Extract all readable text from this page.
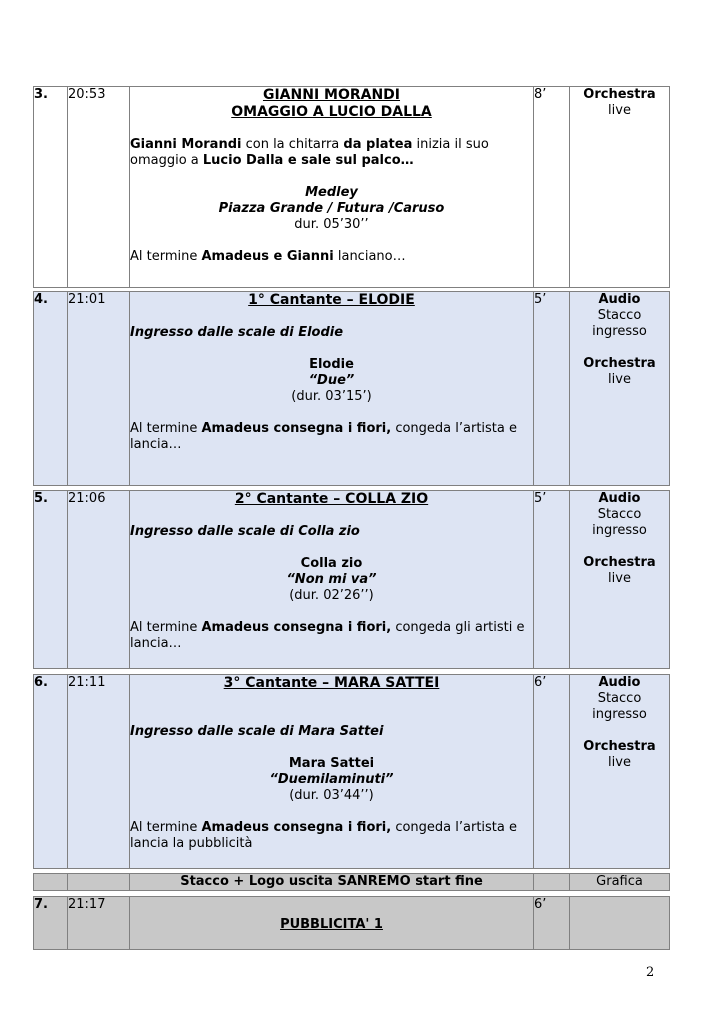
3.	20:53	GIANNI MORANDI
OMAGGIO A LUCIO DALLA
Gianni Morandi con la chitarra da platea inizia il suo omaggio a Lucio Dalla e sale sul palco…
Medley
Piazza Grande / Futura /Caruso
dur. 05’30’’
Al termine Amadeus e Gianni lanciano…
	8’	Orchestra
live
4.	21:01	1° Cantante – ELODIE
Ingresso dalle scale di Elodie
Elodie
“Due”
(dur. 03’15’)
Al termine Amadeus consegna i fiori, congeda l’artista e lancia…
	5’	Audio
Stacco ingresso
Orchestra
live
5.	21:06	2° Cantante – COLLA ZIO
Ingresso dalle scale di Colla zio
Colla zio
“Non mi va”
(dur. 02’26’’)
Al termine Amadeus consegna i fiori, congeda gli artisti e lancia…
	5’	Audio
Stacco ingresso
Orchestra
live
6.	21:11	3° Cantante – MARA SATTEI
Ingresso dalle scale di Mara Sattei
Mara Sattei
“Duemilaminuti”
(dur. 03’44’’)
Al termine Amadeus consegna i fiori, congeda l’artista e lancia la pubblicità
	6’	Audio
Stacco ingresso
Orchestra
live
		Stacco + Logo uscita SANREMO start fine		Grafica
7.	21:17	PUBBLICITA' 1	6’	
2
